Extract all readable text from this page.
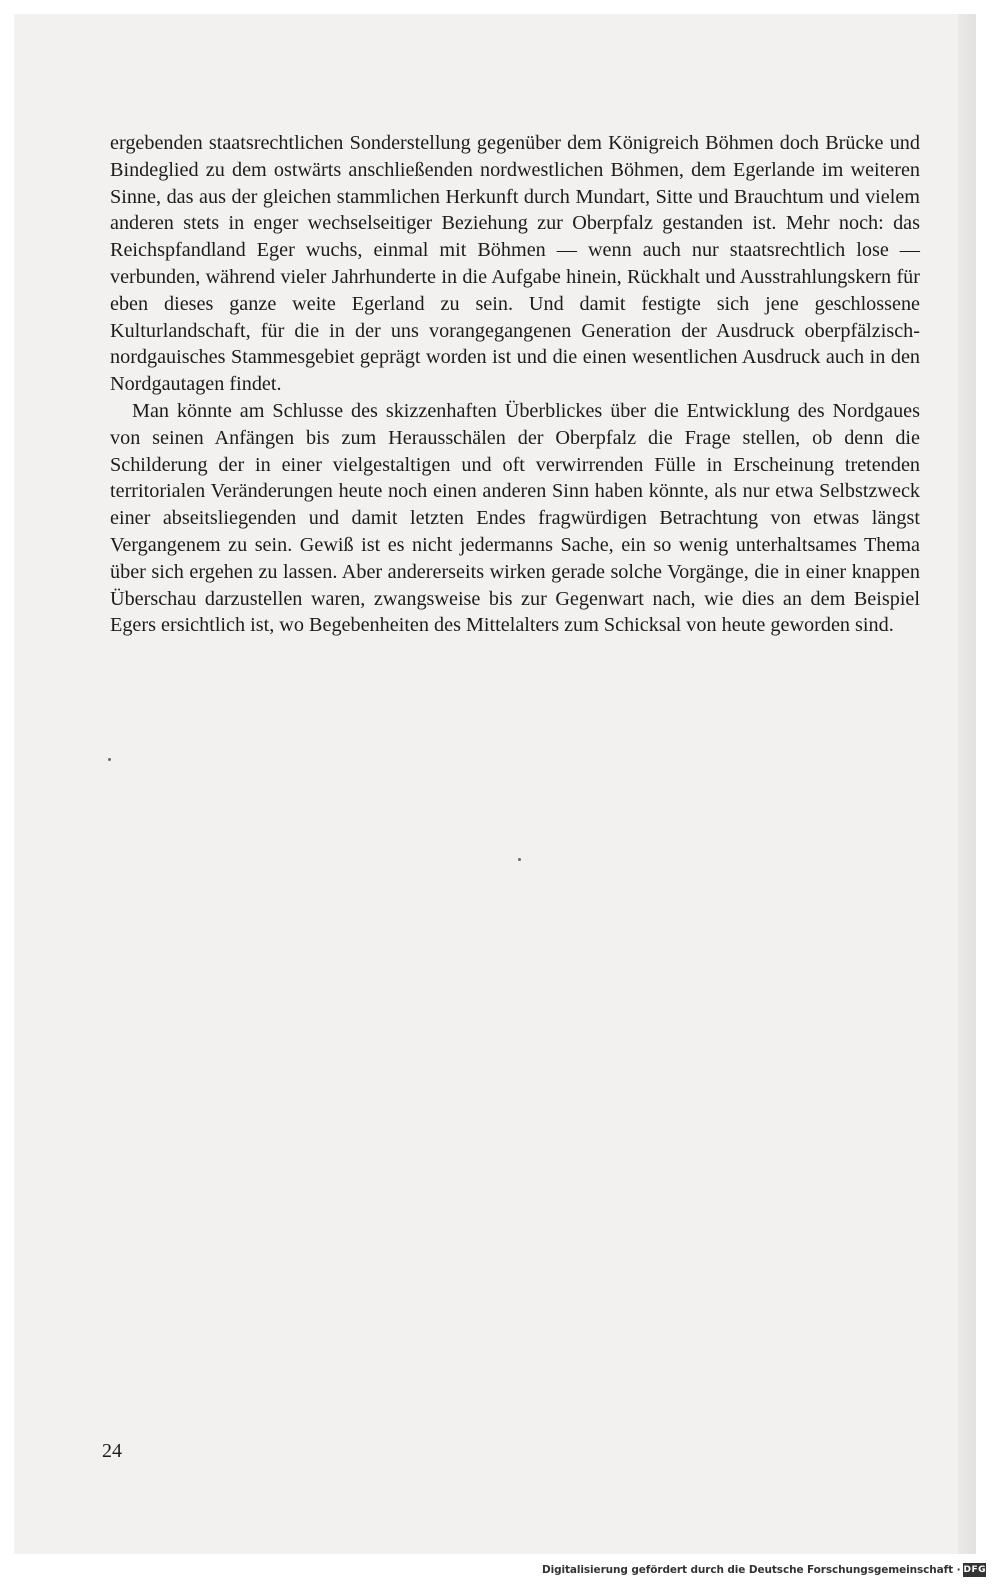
ergebenden staatsrechtlichen Sonderstellung gegenüber dem Königreich Böhmen doch Brücke und Bindeglied zu dem ostwärts anschließenden nordwestlichen Böhmen, dem Egerlande im weiteren Sinne, das aus der gleichen stammlichen Herkunft durch Mundart, Sitte und Brauchtum und vielem anderen stets in enger wechselseitiger Beziehung zur Oberpfalz gestanden ist. Mehr noch: das Reichspfandland Eger wuchs, einmal mit Böhmen — wenn auch nur staatsrechtlich lose — verbunden, während vieler Jahrhunderte in die Aufgabe hinein, Rückhalt und Ausstrahlungskern für eben dieses ganze weite Egerland zu sein. Und damit festigte sich jene geschlossene Kulturlandschaft, für die in der uns vorangegangenen Generation der Ausdruck oberpfälzisch-nordgauisches Stammesgebiet geprägt worden ist und die einen wesentlichen Ausdruck auch in den Nordgautagen findet.

Man könnte am Schlusse des skizzenhaften Überblickes über die Entwicklung des Nordgaues von seinen Anfängen bis zum Herausschälen der Oberpfalz die Frage stellen, ob denn die Schilderung der in einer vielgestaltigen und oft verwirrenden Fülle in Erscheinung tretenden territorialen Veränderungen heute noch einen anderen Sinn haben könnte, als nur etwa Selbstzweck einer abseitsliegenden und damit letzten Endes fragwürdigen Betrachtung von etwas längst Vergangenem zu sein. Gewiß ist es nicht jedermanns Sache, ein so wenig unterhaltsames Thema über sich ergehen zu lassen. Aber andererseits wirken gerade solche Vorgänge, die in einer knappen Überschau darzustellen waren, zwangsweise bis zur Gegenwart nach, wie dies an dem Beispiel Egers ersichtlich ist, wo Begebenheiten des Mittelalters zum Schicksal von heute geworden sind.

24
Digitalisierung gefördert durch die Deutsche Forschungsgemeinschaft · DFG
